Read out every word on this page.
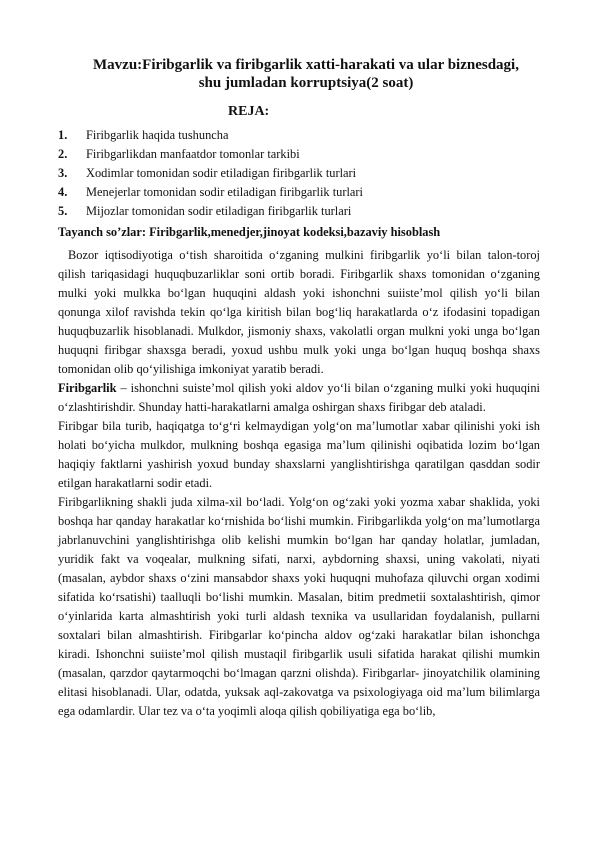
Mavzu:Firibgarlik va firibgarlik xatti-harakati va ular biznesdagi,
shu jumladan korruptsiya(2 soat)

REJA:
1.	Firibgarlik haqida tushuncha
2.	Firibgarlikdan manfaatdor tomonlar tarkibi
3.	Xodimlar tomonidan sodir etiladigan firibgarlik turlari
4.	Menejerlar tomonidan sodir etiladigan firibgarlik turlari
5.	Mijozlar tomonidan sodir etiladigan firibgarlik turlari
Tayanch so’zlar: Firibgarlik,menedjer,jinoyat kodeksi,bazaviy hisoblash

Bozor iqtisodiyotiga o‘tish sharoitida o‘zganing mulkini firibgarlik yo‘li bilan talon-toroj qilish tariqasidagi huquqbuzarliklar soni ortib boradi. Firibgarlik shaxs tomonidan o‘zganing mulki yoki mulkka bo‘lgan huquqini aldash yoki ishonchni suiiste’mol qilish yo‘li bilan qonunga xilof ravishda tekin qo‘lga kiritish bilan bog‘liq harakatlarda o‘z ifodasini topadigan huquqbuzarlik hisoblanadi. Mulkdor, jismoniy shaxs, vakolatli organ mulkni yoki unga bo‘lgan huquqni firibgar shaxsga beradi, yoxud ushbu mulk yoki unga bo‘lgan huquq boshqa shaxs tomonidan olib qo‘yilishiga imkoniyat yaratib beradi.

Firibgarlik – ishonchni suiste’mol qilish yoki aldov yo‘li bilan o‘zganing mulki yoki huquqini o‘zlashtirishdir. Shunday hatti-harakatlarni amalga oshirgan shaxs firibgar deb ataladi.

Firibgar bila turib, haqiqatga to‘g‘ri kelmaydigan yolg‘on ma’lumotlar xabar qilinishi yoki ish holati bo‘yicha mulkdor, mulkning boshqa egasiga ma’lum qilinishi oqibatida lozim bo‘lgan haqiqiy faktlarni yashirish yoxud bunday shaxslarni yanglishtirishga qaratilgan qasddan sodir etilgan harakatlarni sodir etadi.

Firibgarlikning shakli juda xilma-xil bo‘ladi. Yolg‘on og‘zaki yoki yozma xabar shaklida, yoki boshqa har qanday harakatlar ko‘rnishida bo‘lishi mumkin. Firibgarlikda yolg‘on ma’lumotlarga jabrlanuvchini yanglishtirishga olib kelishi mumkin bo‘lgan har qanday holatlar, jumladan, yuridik fakt va voqealar, mulkning sifati, narxi, aybdorning shaxsi, uning vakolati, niyati (masalan, aybdor shaxs o‘zini mansabdor shaxs yoki huquqni muhofaza qiluvchi organ xodimi sifatida ko‘rsatishi) taalluqli bo‘lishi mumkin. Masalan, bitim predmetii soxtalashtirish, qimor o‘yinlarida karta almashtirish yoki turli aldash texnika va usullaridan foydalanish, pullarni soxtalari bilan almashtirish. Firibgarlar ko‘pincha aldov og‘zaki harakatlar bilan ishonchga kiradi. Ishonchni suiiste’mol qilish mustaqil firibgarlik usuli sifatida harakat qilishi mumkin (masalan, qarzdor qaytarmoqchi bo‘lmagan qarzni olishda). Firibgarlar- jinoyatchilik olamining elitasi hisoblanadi. Ular, odatda, yuksak aql-zakovatga va psixologiyaga oid ma’lum bilimlarga ega odamlardir. Ular tez va o‘ta yoqimli aloqa qilish qobiliyatiga ega bo‘lib,
